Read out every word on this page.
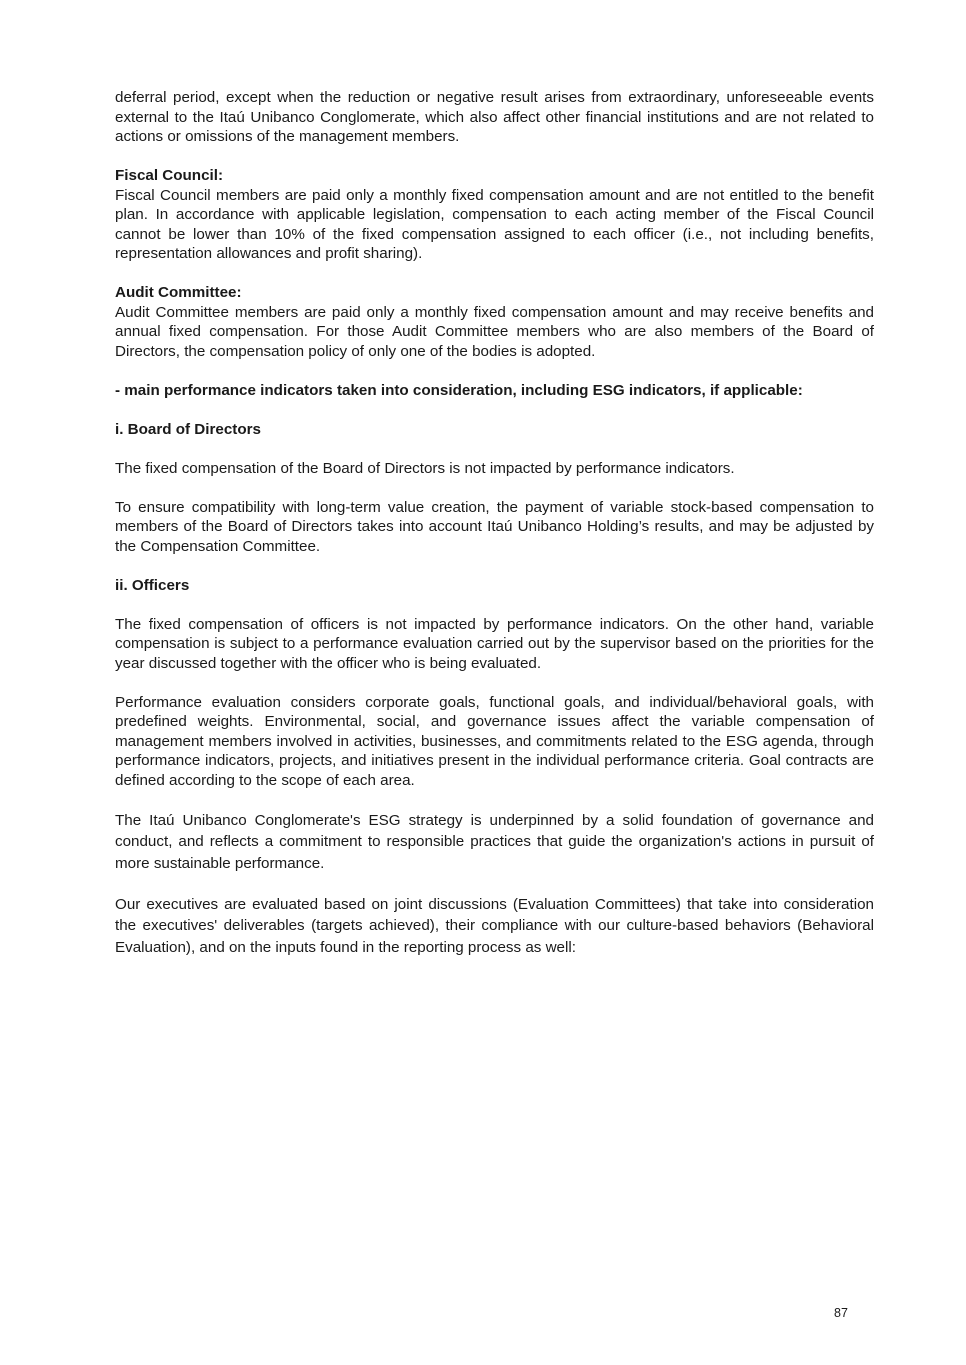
deferral period, except when the reduction or negative result arises from extraordinary, unforeseeable events external to the Itaú Unibanco Conglomerate, which also affect other financial institutions and are not related to actions or omissions of the management members.

Fiscal Council:

Fiscal Council members are paid only a monthly fixed compensation amount and are not entitled to the benefit plan. In accordance with applicable legislation, compensation to each acting member of the Fiscal Council cannot be lower than 10% of the fixed compensation assigned to each officer (i.e., not including benefits, representation allowances and profit sharing).

Audit Committee:

Audit Committee members are paid only a monthly fixed compensation amount and may receive benefits and annual fixed compensation. For those Audit Committee members who are also members of the Board of Directors, the compensation policy of only one of the bodies is adopted.

- main performance indicators taken into consideration, including ESG indicators, if applicable:

i. Board of Directors

The fixed compensation of the Board of Directors is not impacted by performance indicators.

To ensure compatibility with long-term value creation, the payment of variable stock-based compensation to members of the Board of Directors takes into account Itaú Unibanco Holding’s results, and may be adjusted by the Compensation Committee.

ii. Officers

The fixed compensation of officers is not impacted by performance indicators. On the other hand, variable compensation is subject to a performance evaluation carried out by the supervisor based on the priorities for the year discussed together with the officer who is being evaluated.

Performance evaluation considers corporate goals, functional goals, and individual/behavioral goals, with predefined weights. Environmental, social, and governance issues affect the variable compensation of management members involved in activities, businesses, and commitments related to the ESG agenda, through performance indicators, projects, and initiatives present in the individual performance criteria. Goal contracts are defined according to the scope of each area.

The Itaú Unibanco Conglomerate's ESG strategy is underpinned by a solid foundation of governance and conduct, and reflects a commitment to responsible practices that guide the organization's actions in pursuit of more sustainable performance.

Our executives are evaluated based on joint discussions (Evaluation Committees) that take into consideration the executives' deliverables (targets achieved), their compliance with our culture-based behaviors (Behavioral Evaluation), and on the inputs found in the reporting process as well:

87
